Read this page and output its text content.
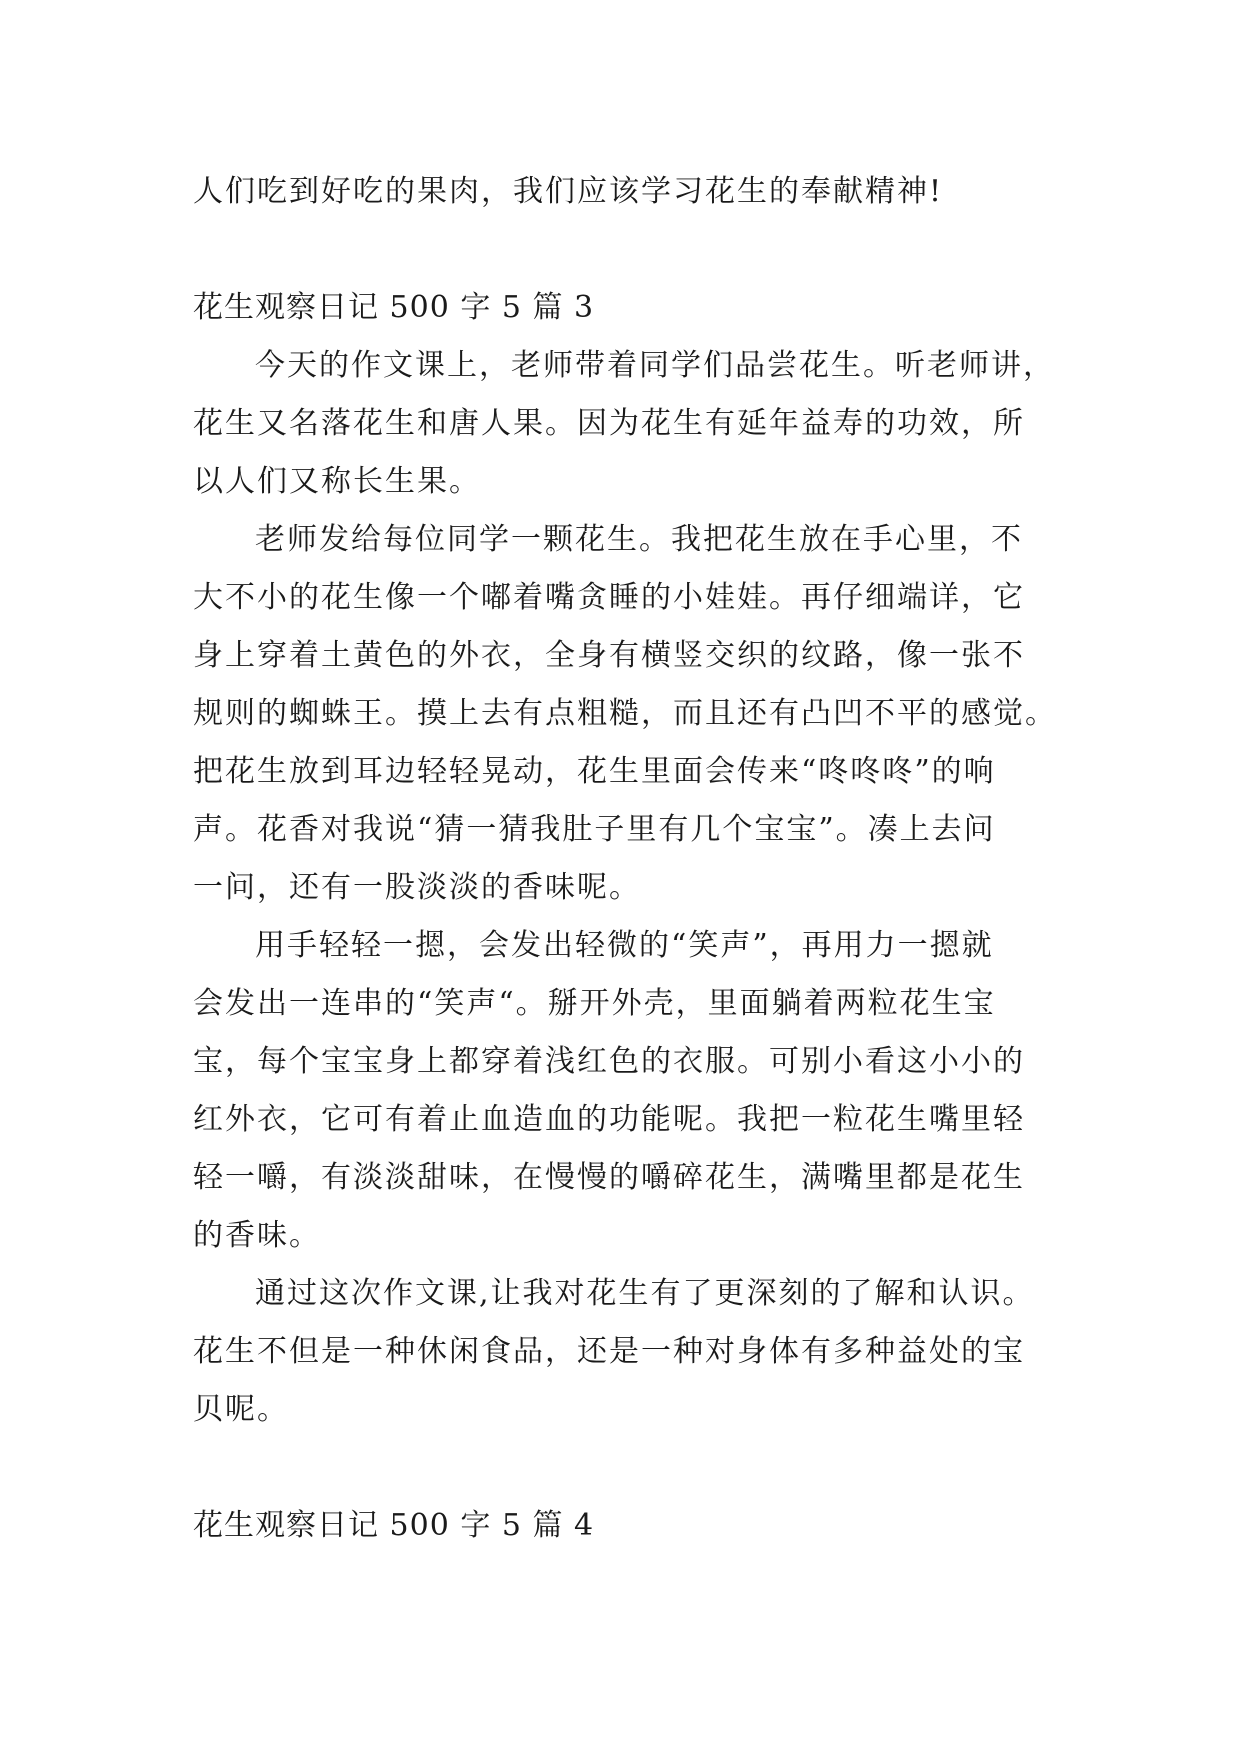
人们吃到好吃的果肉，我们应该学习花生的奉献精神!

花生观察日记 500 字 5 篇 3

今天的作文课上，老师带着同学们品尝花生。听老师讲，

花生又名落花生和唐人果。因为花生有延年益寿的功效，所

以人们又称长生果。

老师发给每位同学一颗花生。我把花生放在手心里，不

大不小的花生像一个嘟着嘴贪睡的小娃娃。再仔细端详，它

身上穿着土黄色的外衣，全身有横竖交织的纹路，像一张不

规则的蜘蛛王。摸上去有点粗糙，而且还有凸凹不平的感觉。

把花生放到耳边轻轻晃动，花生里面会传来“咚咚咚”的响

声。花香对我说“猜一猜我肚子里有几个宝宝”。凑上去问

一问，还有一股淡淡的香味呢。

用手轻轻一摁，会发出轻微的“笑声”，再用力一摁就

会发出一连串的“笑声“。掰开外壳，里面躺着两粒花生宝

宝，每个宝宝身上都穿着浅红色的衣服。可别小看这小小的

红外衣，它可有着止血造血的功能呢。我把一粒花生嘴里轻

轻一嚼，有淡淡甜味，在慢慢的嚼碎花生，满嘴里都是花生

的香味。

通过这次作文课,让我对花生有了更深刻的了解和认识。

花生不但是一种休闲食品，还是一种对身体有多种益处的宝

贝呢。

花生观察日记 500 字 5 篇 4
